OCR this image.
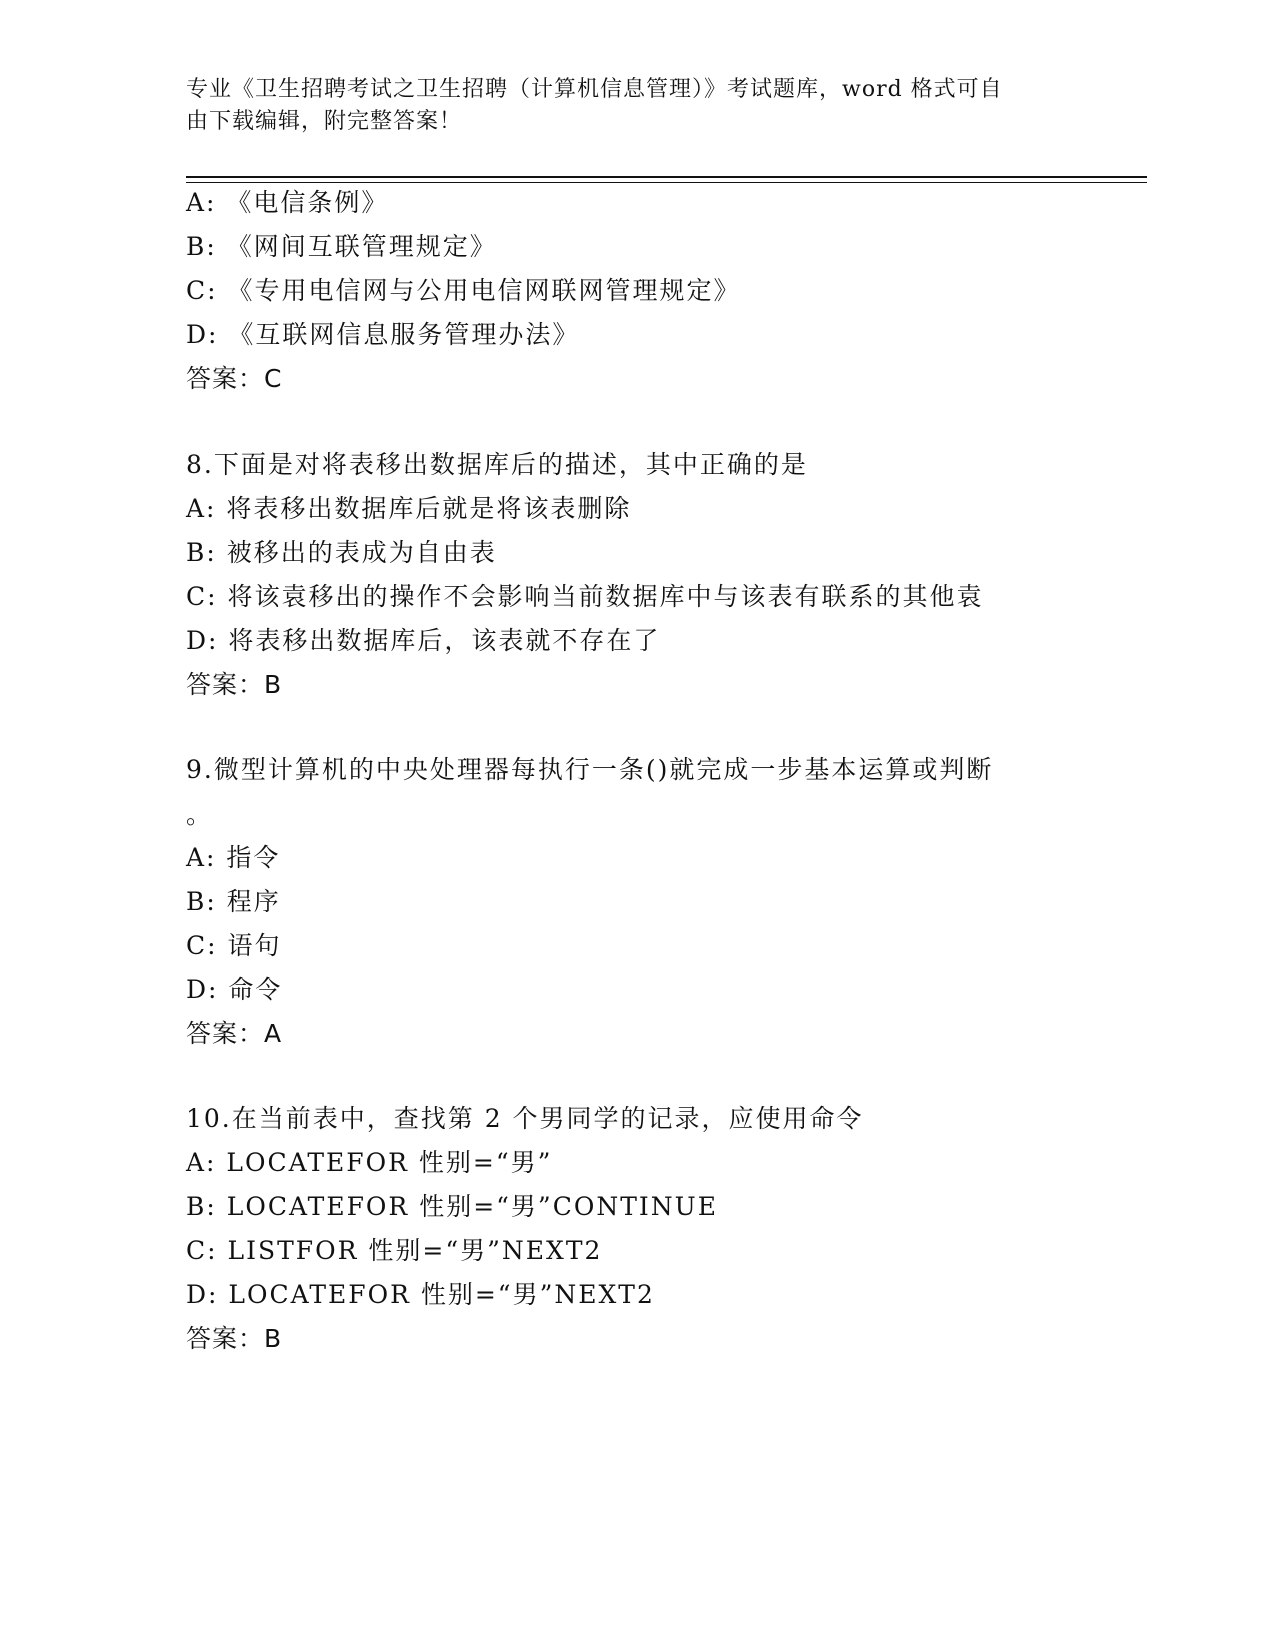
专业《卫生招聘考试之卫生招聘（计算机信息管理）》考试题库，word 格式可自
由下载编辑，附完整答案！
A: 《电信条例》
B: 《网间互联管理规定》
C: 《专用电信网与公用电信网联网管理规定》
D: 《互联网信息服务管理办法》
答案：C
8.下面是对将表移出数据库后的描述，其中正确的是
A: 将表移出数据库后就是将该表删除
B: 被移出的表成为自由表
C: 将该袁移出的操作不会影响当前数据库中与该表有联系的其他袁
D: 将表移出数据库后，该表就不存在了
答案：B
9.微型计算机的中央处理器每执行一条()就完成一步基本运算或判断
。
A: 指令
B: 程序
C: 语句
D: 命令
答案：A
10.在当前表中，查找第 2 个男同学的记录，应使用命令
A: LOCATEFOR 性别=“男”
B: LOCATEFOR 性别=“男”CONTINUE
C: LISTFOR 性别=“男”NEXT2
D: LOCATEFOR 性别=“男”NEXT2
答案：B
